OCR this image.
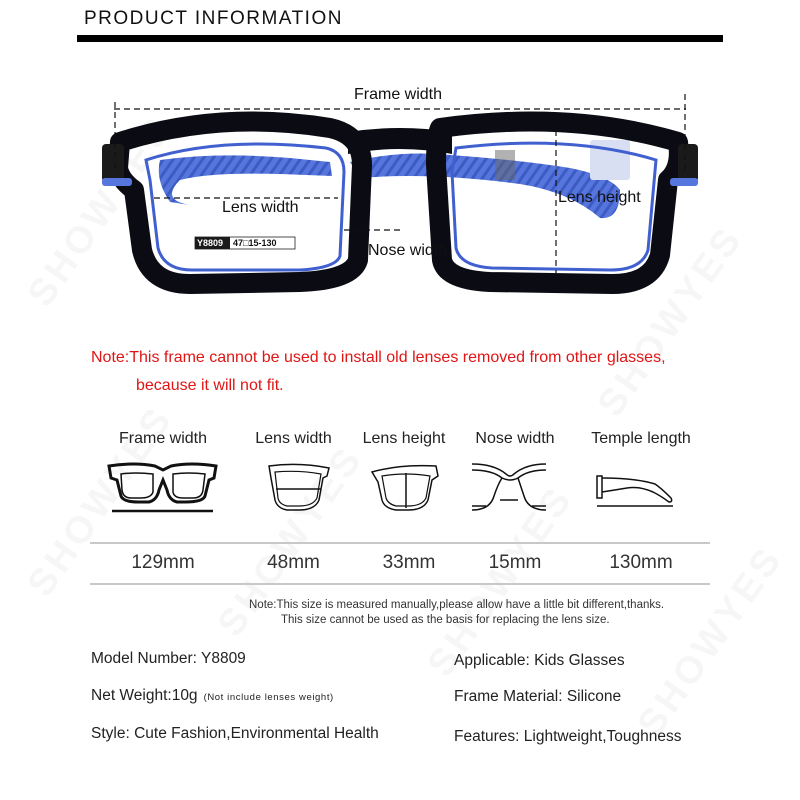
PRODUCT INFORMATION
Frame width
Lens width
Lens height
Nose width
Y8809 47□15-130
Note:This frame cannot be used to install old lenses removed from other glasses,
because it will not fit.
Frame width	Lens width	Lens height	Nose width	Temple length
129mm	48mm	33mm	15mm	130mm
Note:This size is measured manually,please allow have a little bit different,thanks.
This size cannot be used as the basis for replacing the lens size.
Model Number: Y8809
Net Weight:10g (Not include lenses weight)
Style: Cute Fashion,Environmental Health
Applicable: Kids Glasses
Frame Material: Silicone
Features: Lightweight,Toughness
